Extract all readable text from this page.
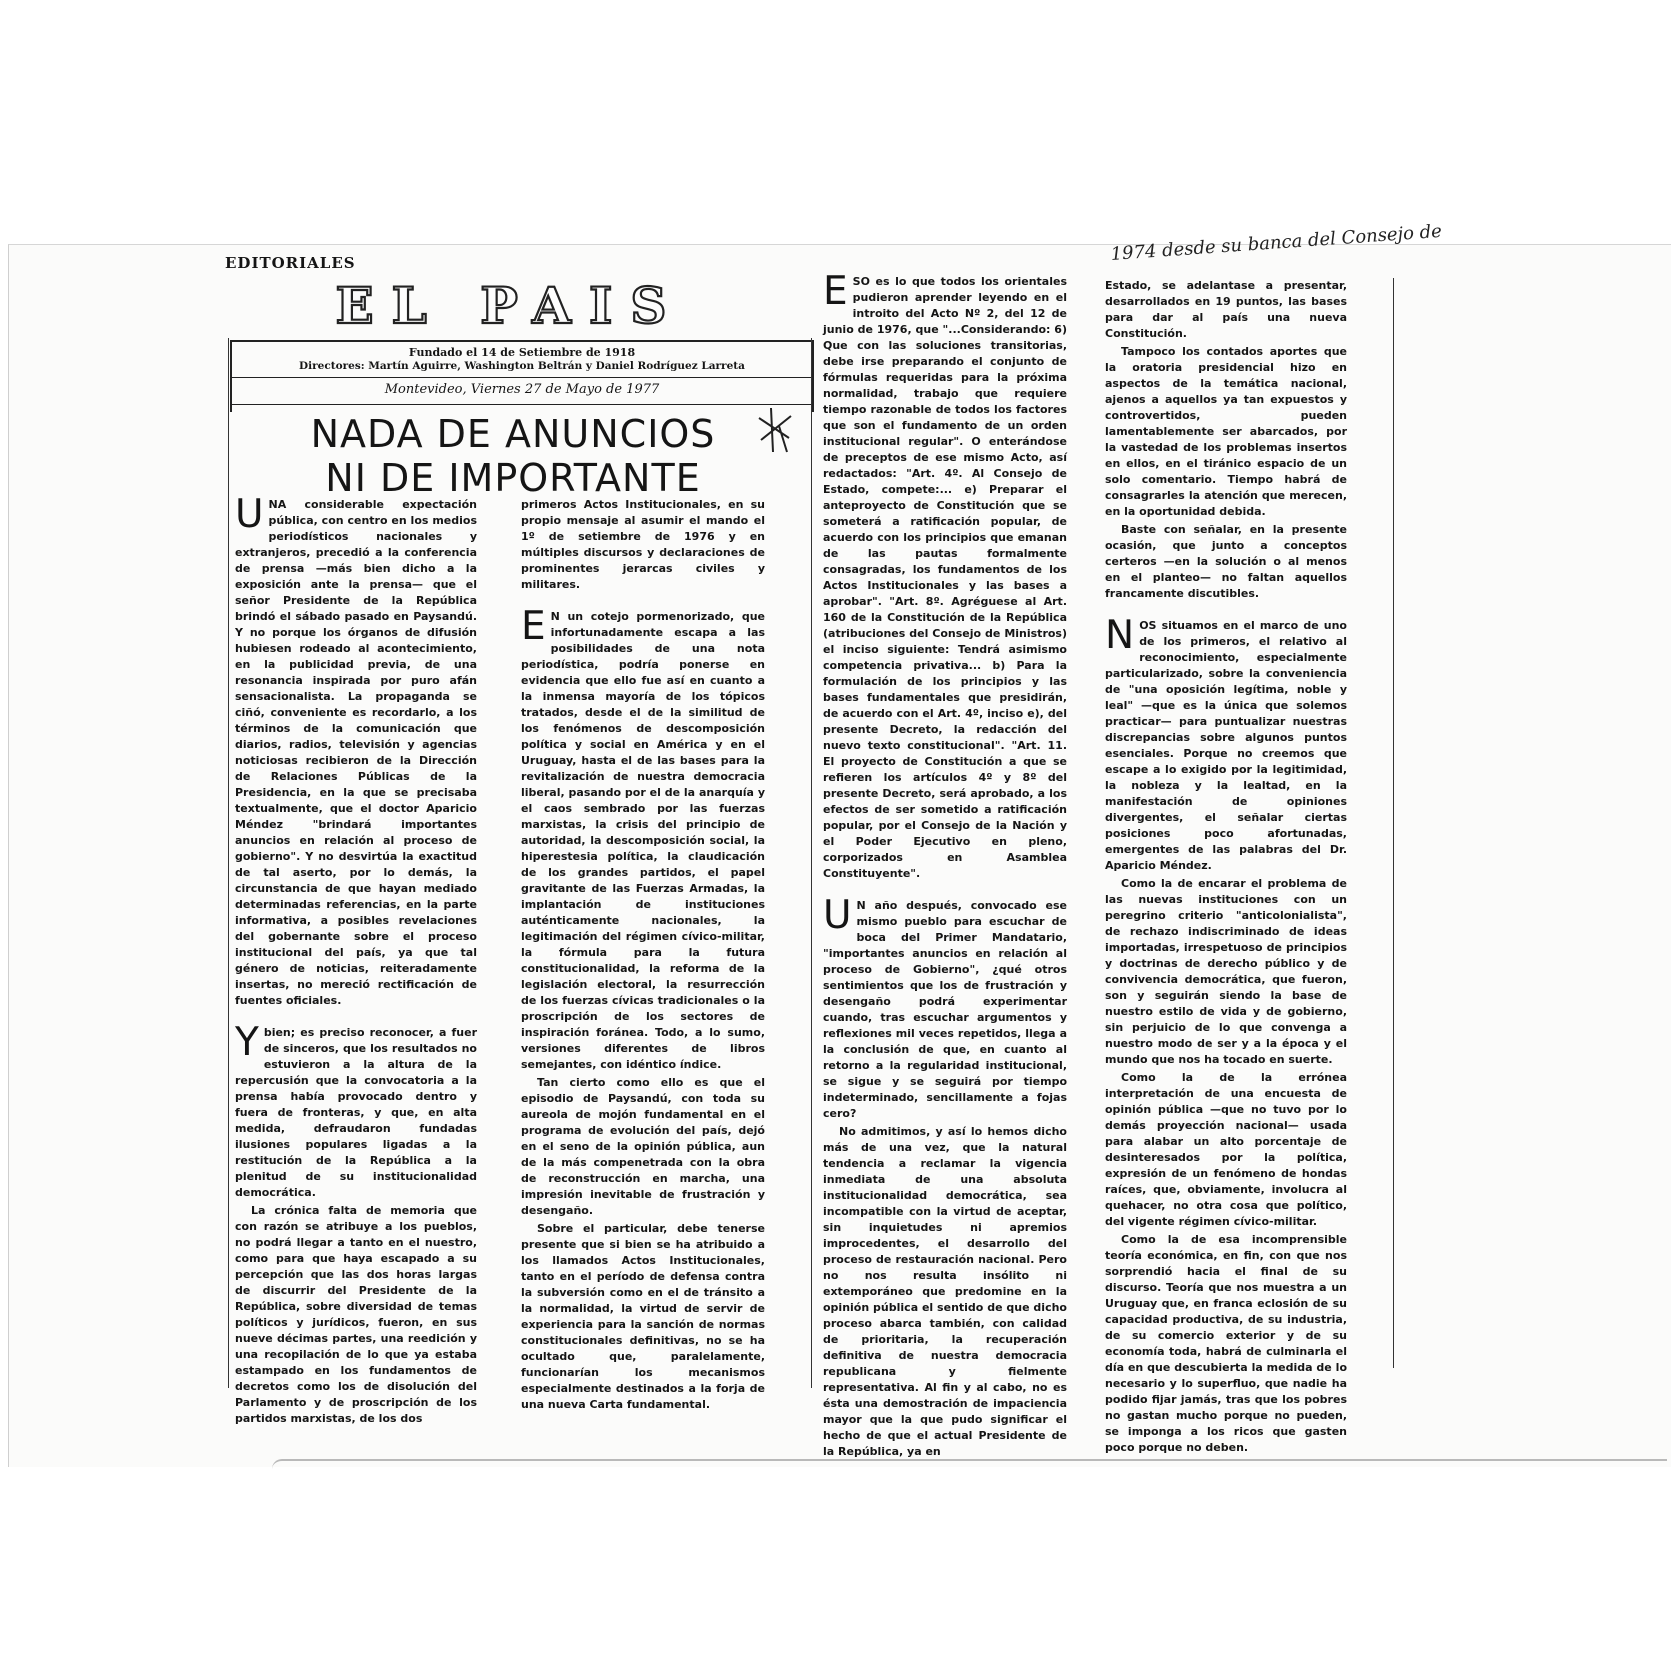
EDITORIALES
EL PAIS
Fundado el 14 de Setiembre de 1918
Directores: Martín Aguirre, Washington Beltrán y Daniel Rodríguez Larreta
Montevideo, Viernes 27 de Mayo de 1977
NADA DE ANUNCIOS
NI DE IMPORTANTE
1974 desde su banca del Consejo de

UNA considerable expectación pública, con centro en los medios periodísticos nacionales y extranjeros, precedió a la conferencia de prensa —más bien dicho a la exposición ante la prensa— que el señor Presidente de la República brindó el sábado pasado en Paysandú. Y no porque los órganos de difusión hubiesen rodeado al acontecimiento, en la publicidad previa, de una resonancia inspirada por puro afán sensacionalista. La propaganda se ciñó, conveniente es recordarlo, a los términos de la comunicación que diarios, radios, televisión y agencias noticiosas recibieron de la Dirección de Relaciones Públicas de la Presidencia, en la que se precisaba textualmente, que el doctor Aparicio Méndez "brindará importantes anuncios en relación al proceso de gobierno". Y no desvirtúa la exactitud de tal aserto, por lo demás, la circunstancia de que hayan mediado determinadas referencias, en la parte informativa, a posibles revelaciones del gobernante sobre el proceso institucional del país, ya que tal género de noticias, reiteradamente insertas, no mereció rectificación de fuentes oficiales.

Ybien; es preciso reconocer, a fuer de sinceros, que los resultados no estuvieron a la altura de la repercusión que la convocatoria a la prensa había provocado dentro y fuera de fronteras, y que, en alta medida, defraudaron fundadas ilusiones populares ligadas a la restitución de la República a la plenitud de su institucionalidad democrática.

La crónica falta de memoria que con razón se atribuye a los pueblos, no podrá llegar a tanto en el nuestro, como para que haya escapado a su percepción que las dos horas largas de discurrir del Presidente de la República, sobre diversidad de temas políticos y jurídicos, fueron, en sus nueve décimas partes, una reedición y una recopilación de lo que ya estaba estampado en los fundamentos de decretos como los de disolución del Parlamento y de proscripción de los partidos marxistas, de los dos

primeros Actos Institucionales, en su propio mensaje al asumir el mando el 1º de setiembre de 1976 y en múltiples discursos y declaraciones de prominentes jerarcas civiles y militares.

E N un cotejo pormenorizado, que infortunadamente escapa a las posibilidades de una nota periodística, podría ponerse en evidencia que ello fue así en cuanto a la inmensa mayoría de los tópicos tratados, desde el de la similitud de los fenómenos de descomposición política y social en América y en el Uruguay, hasta el de las bases para la revitalización de nuestra democracia liberal, pasando por el de la anarquía y el caos sembrado por las fuerzas marxistas, la crisis del principio de autoridad, la descomposición social, la hiperestesia política, la claudicación de los grandes partidos, el papel gravitante de las Fuerzas Armadas, la implantación de instituciones auténticamente nacionales, la legitimación del régimen cívico-militar, la fórmula para la futura constitucionalidad, la reforma de la legislación electoral, la resurrección de los fuerzas cívicas tradicionales o la proscripción de los sectores de inspiración foránea. Todo, a lo sumo, versiones diferentes de libros semejantes, con idéntico índice.

Tan cierto como ello es que el episodio de Paysandú, con toda su aureola de mojón fundamental en el programa de evolución del país, dejó en el seno de la opinión pública, aun de la más compenetrada con la obra de reconstrucción en marcha, una impresión inevitable de frustración y desengaño.

Sobre el particular, debe tenerse presente que si bien se ha atribuido a los llamados Actos Institucionales, tanto en el período de defensa contra la subversión como en el de tránsito a la normalidad, la virtud de servir de experiencia para la sanción de normas constitucionales definitivas, no se ha ocultado que, paralelamente, funcionarían los mecanismos especialmente destinados a la forja de una nueva Carta fundamental.

ESO es lo que todos los orientales pudieron aprender leyendo en el introito del Acto Nº 2, del 12 de junio de 1976, que "...Considerando: 6) Que con las soluciones transitorias, debe irse preparando el conjunto de fórmulas requeridas para la próxima normalidad, trabajo que requiere tiempo razonable de todos los factores que son el fundamento de un orden institucional regular". O enterándose de preceptos de ese mismo Acto, así redactados: "Art. 4º. Al Consejo de Estado, compete:... e) Preparar el anteproyecto de Constitución que se someterá a ratificación popular, de acuerdo con los principios que emanan de las pautas formalmente consagradas, los fundamentos de los Actos Institucionales y las bases a aprobar". "Art. 8º. Agréguese al Art. 160 de la Constitución de la República (atribuciones del Consejo de Ministros) el inciso siguiente: Tendrá asimismo competencia privativa... b) Para la formulación de los principios y las bases fundamentales que presidirán, de acuerdo con el Art. 4º, inciso e), del presente Decreto, la redacción del nuevo texto constitucional". "Art. 11. El proyecto de Constitución a que se refieren los artículos 4º y 8º del presente Decreto, será aprobado, a los efectos de ser sometido a ratificación popular, por el Consejo de la Nación y el Poder Ejecutivo en pleno, corporizados en Asamblea Constituyente".

U N año después, convocado ese mismo pueblo para escuchar de boca del Primer Mandatario, "importantes anuncios en relación al proceso de Gobierno", ¿qué otros sentimientos que los de frustración y desengaño podrá experimentar cuando, tras escuchar argumentos y reflexiones mil veces repetidos, llega a la conclusión de que, en cuanto al retorno a la regularidad institucional, se sigue y se seguirá por tiempo indeterminado, sencillamente a fojas cero?

No admitimos, y así lo hemos dicho más de una vez, que la natural tendencia a reclamar la vigencia inmediata de una absoluta institucionalidad democrática, sea incompatible con la virtud de aceptar, sin inquietudes ni apremios improcedentes, el desarrollo del proceso de restauración nacional. Pero no nos resulta insólito ni extemporáneo que predomine en la opinión pública el sentido de que dicho proceso abarca también, con calidad de prioritaria, la recuperación definitiva de nuestra democracia republicana y fielmente representativa. Al fin y al cabo, no es ésta una demostración de impaciencia mayor que la que pudo significar el hecho de que el actual Presidente de la República, ya en

Estado, se adelantase a presentar, desarrollados en 19 puntos, las bases para dar al país una nueva Constitución.

Tampoco los contados aportes que la oratoria presidencial hizo en aspectos de la temática nacional, ajenos a aquellos ya tan expuestos y controvertidos, pueden lamentablemente ser abarcados, por la vastedad de los problemas insertos en ellos, en el tiránico espacio de un solo comentario. Tiempo habrá de consagrarles la atención que merecen, en la oportunidad debida.

Baste con señalar, en la presente ocasión, que junto a conceptos certeros —en la solución o al menos en el planteo— no faltan aquellos francamente discutibles.

NOS situamos en el marco de uno de los primeros, el relativo al reconocimiento, especialmente particularizado, sobre la conveniencia de "una oposición legítima, noble y leal" —que es la única que solemos practicar— para puntualizar nuestras discrepancias sobre algunos puntos esenciales. Porque no creemos que escape a lo exigido por la legitimidad, la nobleza y la lealtad, en la manifestación de opiniones divergentes, el señalar ciertas posiciones poco afortunadas, emergentes de las palabras del Dr. Aparicio Méndez.

Como la de encarar el problema de las nuevas instituciones con un peregrino criterio "anticolonialista", de rechazo indiscriminado de ideas importadas, irrespetuoso de principios y doctrinas de derecho público y de convivencia democrática, que fueron, son y seguirán siendo la base de nuestro estilo de vida y de gobierno, sin perjuicio de lo que convenga a nuestro modo de ser y a la época y el mundo que nos ha tocado en suerte.

Como la de la errónea interpretación de una encuesta de opinión pública —que no tuvo por lo demás proyección nacional— usada para alabar un alto porcentaje de desinteresados por la política, expresión de un fenómeno de hondas raíces, que, obviamente, involucra al quehacer, no otra cosa que político, del vigente régimen cívico-militar.

Como la de esa incomprensible teoría económica, en fin, con que nos sorprendió hacia el final de su discurso. Teoría que nos muestra a un Uruguay que, en franca eclosión de su capacidad productiva, de su industria, de su comercio exterior y de su economía toda, habrá de culminarla el día en que descubierta la medida de lo necesario y lo superfluo, que nadie ha podido fijar jamás, tras que los pobres no gastan mucho porque no pueden, se imponga a los ricos que gasten poco porque no deben.
